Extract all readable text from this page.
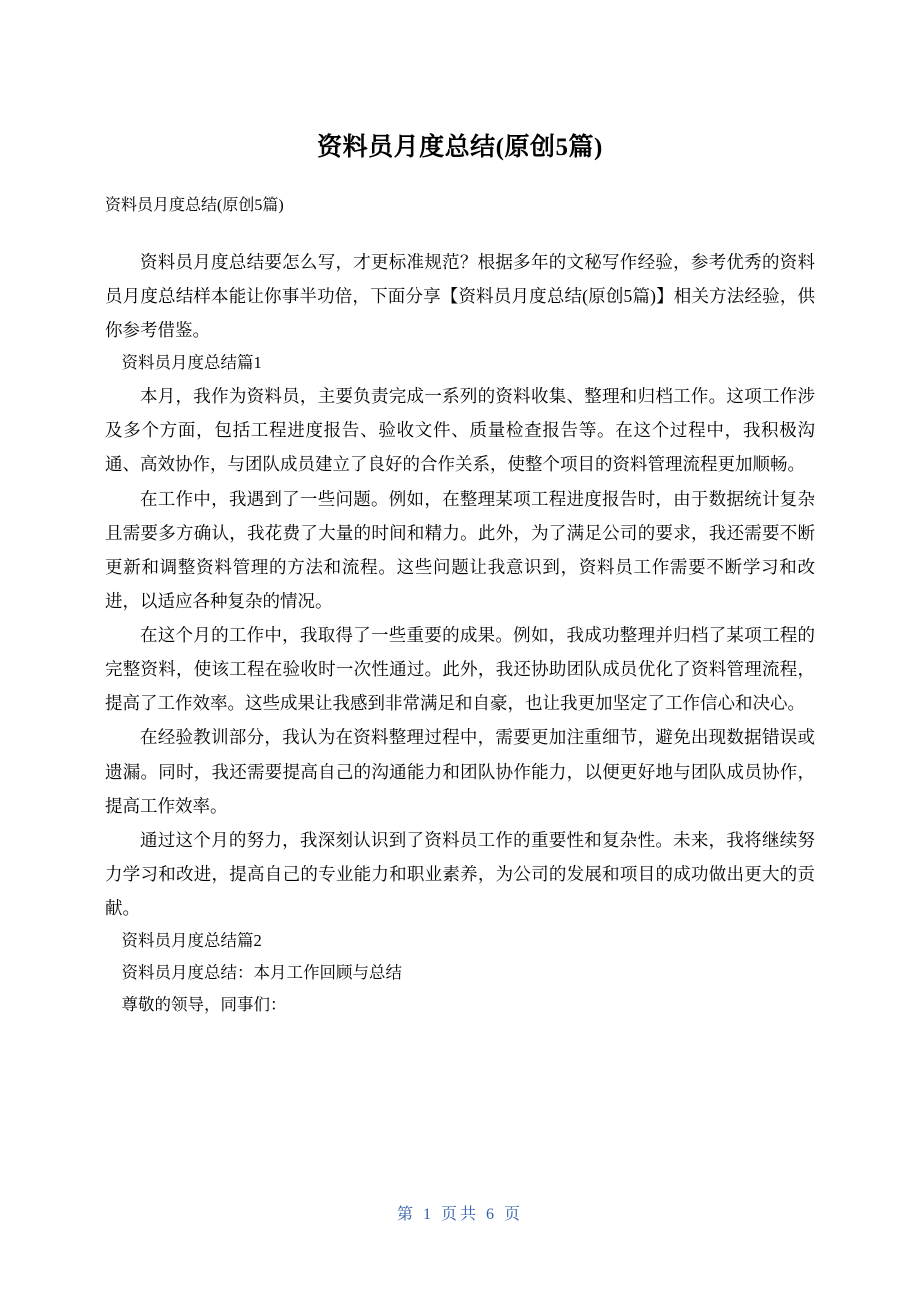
资料员月度总结(原创5篇)
资料员月度总结(原创5篇)

资料员月度总结要怎么写，才更标准规范？根据多年的文秘写作经验，参考优秀的资料员月度总结样本能让你事半功倍，下面分享【资料员月度总结(原创5篇)】相关方法经验，供你参考借鉴。

资料员月度总结篇1

本月，我作为资料员，主要负责完成一系列的资料收集、整理和归档工作。这项工作涉及多个方面，包括工程进度报告、验收文件、质量检查报告等。在这个过程中，我积极沟通、高效协作，与团队成员建立了良好的合作关系，使整个项目的资料管理流程更加顺畅。

在工作中，我遇到了一些问题。例如，在整理某项工程进度报告时，由于数据统计复杂且需要多方确认，我花费了大量的时间和精力。此外，为了满足公司的要求，我还需要不断更新和调整资料管理的方法和流程。这些问题让我意识到，资料员工作需要不断学习和改进，以适应各种复杂的情况。

在这个月的工作中，我取得了一些重要的成果。例如，我成功整理并归档了某项工程的完整资料，使该工程在验收时一次性通过。此外，我还协助团队成员优化了资料管理流程，提高了工作效率。这些成果让我感到非常满足和自豪，也让我更加坚定了工作信心和决心。

在经验教训部分，我认为在资料整理过程中，需要更加注重细节，避免出现数据错误或遗漏。同时，我还需要提高自己的沟通能力和团队协作能力，以便更好地与团队成员协作，提高工作效率。

通过这个月的努力，我深刻认识到了资料员工作的重要性和复杂性。未来，我将继续努力学习和改进，提高自己的专业能力和职业素养，为公司的发展和项目的成功做出更大的贡献。

资料员月度总结篇2

资料员月度总结：本月工作回顾与总结

尊敬的领导，同事们：

第 1 页共 6 页
